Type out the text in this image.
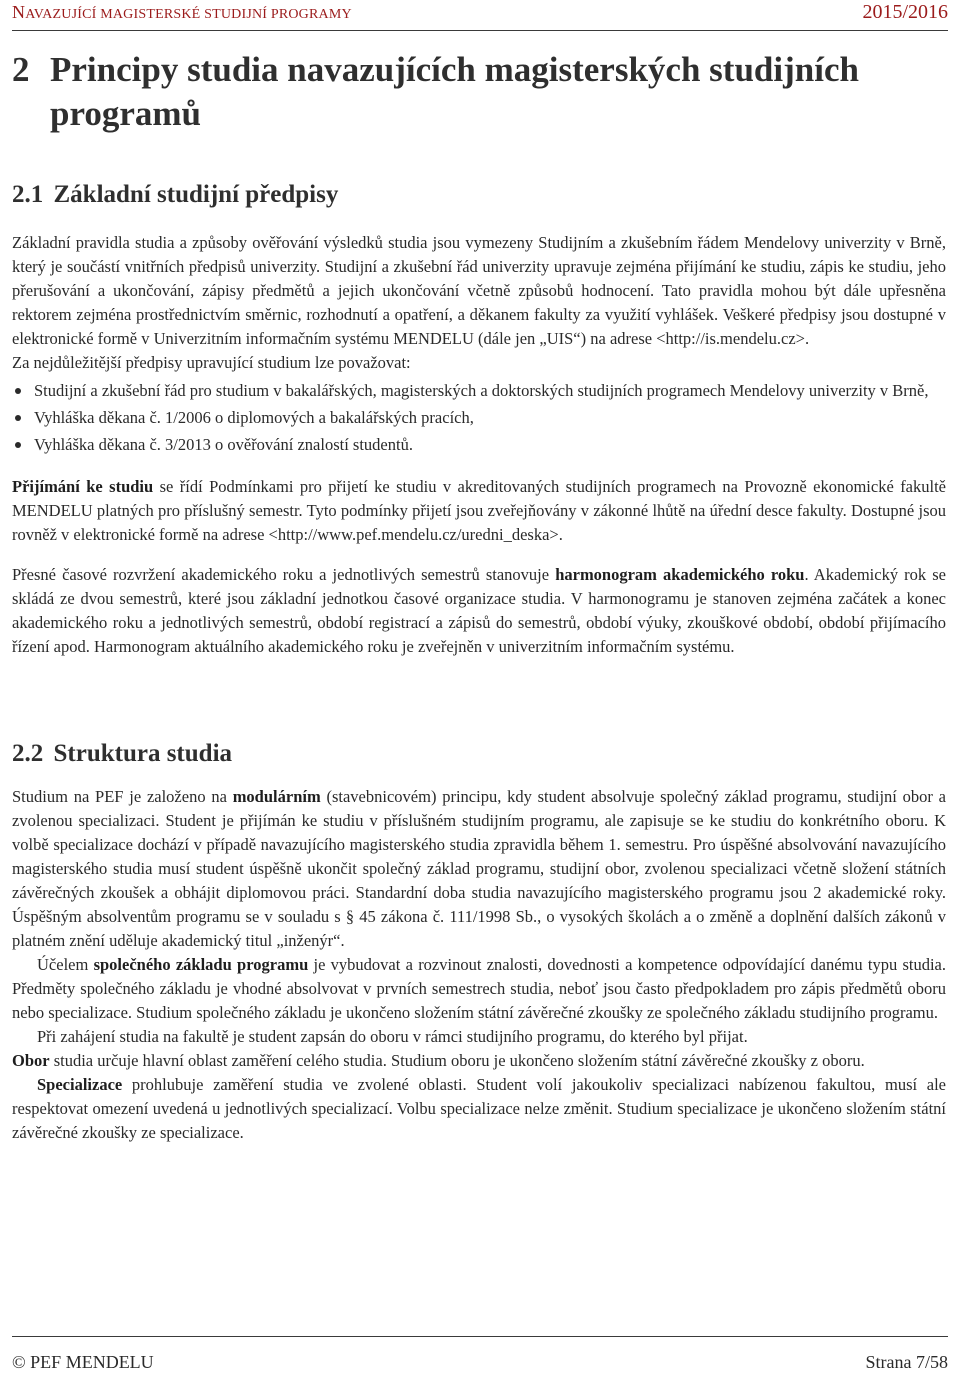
NAVAZUJÍCÍ MAGISTERSKÉ STUDIJNÍ PROGRAMY	2015/2016
2 Principy studia navazujících magisterských studijních programů
2.1 Základní studijní předpisy

Základní pravidla studia a způsoby ověřování výsledků studia jsou vymezeny Studijním a zkušebním řádem Mendelovy univerzity v Brně, který je součástí vnitřních předpisů univerzity. Studijní a zkušební řád univerzity upravuje zejména přijímání ke studiu, zápis ke studiu, jeho přerušování a ukončování, zápisy předmětů a jejich ukončování včetně způsobů hodnocení. Tato pravidla mohou být dále upřesněna rektorem zejména prostřednictvím směrnic, rozhodnutí a opatření, a děkanem fakulty za využití vyhlášek. Veškeré předpisy jsou dostupné v elektronické formě v Univerzitním informačním systému MENDELU (dále jen „UIS“) na adrese <http://is.mendelu.cz>.

Za nejdůležitější předpisy upravující studium lze považovat:

Studijní a zkušební řád pro studium v bakalářských, magisterských a doktorských studijních programech Mendelovy univerzity v Brně,
Vyhláška děkana č. 1/2006 o diplomových a bakalářských pracích,
Vyhláška děkana č. 3/2013 o ověřování znalostí studentů.

Přijímání ke studiu se řídí Podmínkami pro přijetí ke studiu v akreditovaných studijních programech na Provozně ekonomické fakultě MENDELU platných pro příslušný semestr. Tyto podmínky přijetí jsou zveřejňovány v zákonné lhůtě na úřední desce fakulty. Dostupné jsou rovněž v elektronické formě na adrese <http://www.pef.mendelu.cz/uredni_deska>.

Přesné časové rozvržení akademického roku a jednotlivých semestrů stanovuje harmonogram akademického roku. Akademický rok se skládá ze dvou semestrů, které jsou základní jednotkou časové organizace studia. V harmonogramu je stanoven zejména začátek a konec akademického roku a jednotlivých semestrů, období registrací a zápisů do semestrů, období výuky, zkouškové období, období přijímacího řízení apod. Harmonogram aktuálního akademického roku je zveřejněn v univerzitním informačním systému.

2.2 Struktura studia

Studium na PEF je založeno na modulárním (stavebnicovém) principu, kdy student absolvuje společný základ programu, studijní obor a zvolenou specializaci. Student je přijímán ke studiu v příslušném studijním programu, ale zapisuje se ke studiu do konkrétního oboru. K volbě specializace dochází v případě navazujícího magisterského studia zpravidla během 1. semestru. Pro úspěšné absolvování navazujícího magisterského studia musí student úspěšně ukončit společný základ programu, studijní obor, zvolenou specializaci včetně složení státních závěrečných zkoušek a obhájit diplomovou práci. Standardní doba studia navazujícího magisterského programu jsou 2 akademické roky. Úspěšným absolventům programu se v souladu s § 45 zákona č. 111/1998 Sb., o vysokých školách a o změně a doplnění dalších zákonů v platném znění uděluje akademický titul „inženýr“.

Účelem společného základu programu je vybudovat a rozvinout znalosti, dovednosti a kompetence odpovídající danému typu studia. Předměty společného základu je vhodné absolvovat v prvních semestrech studia, neboť jsou často předpokladem pro zápis předmětů oboru nebo specializace. Studium společného základu je ukončeno složením státní závěrečné zkoušky ze společného základu studijního programu.

Při zahájení studia na fakultě je student zapsán do oboru v rámci studijního programu, do kterého byl přijat.

Obor studia určuje hlavní oblast zaměření celého studia. Studium oboru je ukončeno složením státní závěrečné zkoušky z oboru.

Specializace prohlubuje zaměření studia ve zvolené oblasti. Student volí jakoukoliv specializaci nabízenou fakultou, musí ale respektovat omezení uvedená u jednotlivých specializací. Volbu specializace nelze změnit. Studium specializace je ukončeno složením státní závěrečné zkoušky ze specializace.

© PEF MENDELU	Strana 7/58
